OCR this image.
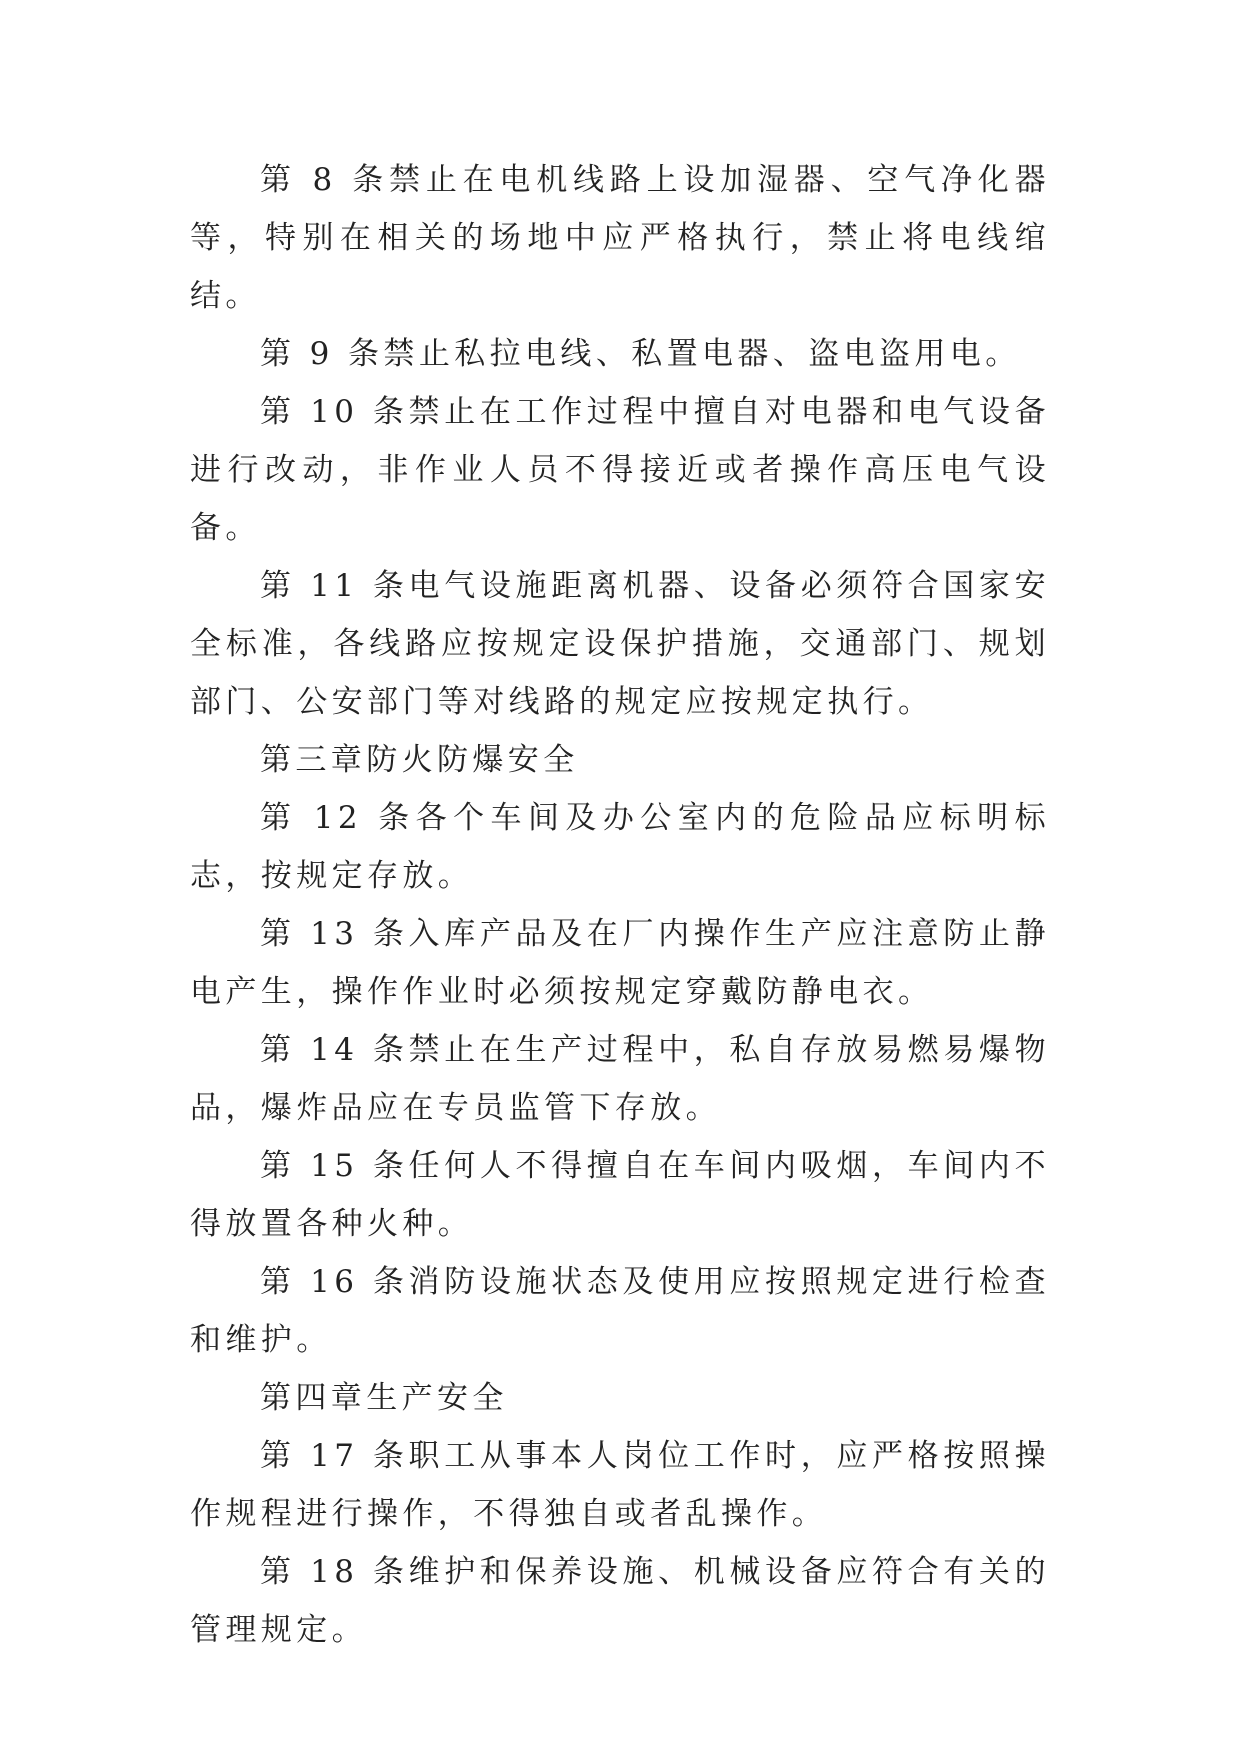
第 8 条禁止在电机线路上设加湿器、空气净化器等，特别在相关的场地中应严格执行，禁止将电线绾结。

第 9 条禁止私拉电线、私置电器、盗电盗用电。

第 10 条禁止在工作过程中擅自对电器和电气设备进行改动，非作业人员不得接近或者操作高压电气设备。

第 11 条电气设施距离机器、设备必须符合国家安全标准，各线路应按规定设保护措施，交通部门、规划部门、公安部门等对线路的规定应按规定执行。

第三章防火防爆安全

第 12 条各个车间及办公室内的危险品应标明标志，按规定存放。

第 13 条入库产品及在厂内操作生产应注意防止静电产生，操作作业时必须按规定穿戴防静电衣。

第 14 条禁止在生产过程中，私自存放易燃易爆物品，爆炸品应在专员监管下存放。

第 15 条任何人不得擅自在车间内吸烟，车间内不得放置各种火种。

第 16 条消防设施状态及使用应按照规定进行检查和维护。

第四章生产安全

第 17 条职工从事本人岗位工作时，应严格按照操作规程进行操作，不得独自或者乱操作。

第 18 条维护和保养设施、机械设备应符合有关的管理规定。
